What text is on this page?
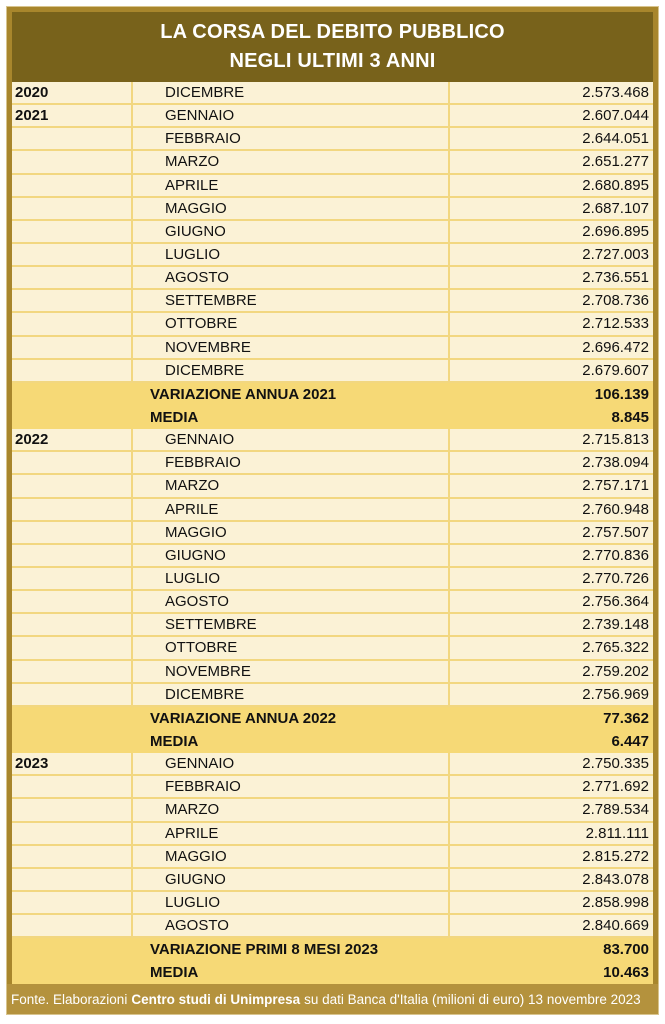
LA CORSA DEL DEBITO PUBBLICO
NEGLI ULTIMI 3 ANNI
2020	DICEMBRE	2.573.468
2021	GENNAIO	2.607.044
FEBBRAIO	2.644.051
MARZO	2.651.277
APRILE	2.680.895
MAGGIO	2.687.107
GIUGNO	2.696.895
LUGLIO	2.727.003
AGOSTO	2.736.551
SETTEMBRE	2.708.736
OTTOBRE	2.712.533
NOVEMBRE	2.696.472
DICEMBRE	2.679.607
VARIAZIONE ANNUA 2021	106.139
MEDIA	8.845
2022	GENNAIO	2.715.813
FEBBRAIO	2.738.094
MARZO	2.757.171
APRILE	2.760.948
MAGGIO	2.757.507
GIUGNO	2.770.836
LUGLIO	2.770.726
AGOSTO	2.756.364
SETTEMBRE	2.739.148
OTTOBRE	2.765.322
NOVEMBRE	2.759.202
DICEMBRE	2.756.969
VARIAZIONE ANNUA 2022	77.362
MEDIA	6.447
2023	GENNAIO	2.750.335
FEBBRAIO	2.771.692
MARZO	2.789.534
APRILE	2.811.111
MAGGIO	2.815.272
GIUGNO	2.843.078
LUGLIO	2.858.998
AGOSTO	2.840.669
VARIAZIONE PRIMI 8 MESI 2023	83.700
MEDIA	10.463
Fonte. Elaborazioni Centro studi di Unimpresa su dati Banca d'Italia (milioni di euro) 13 novembre 2023
